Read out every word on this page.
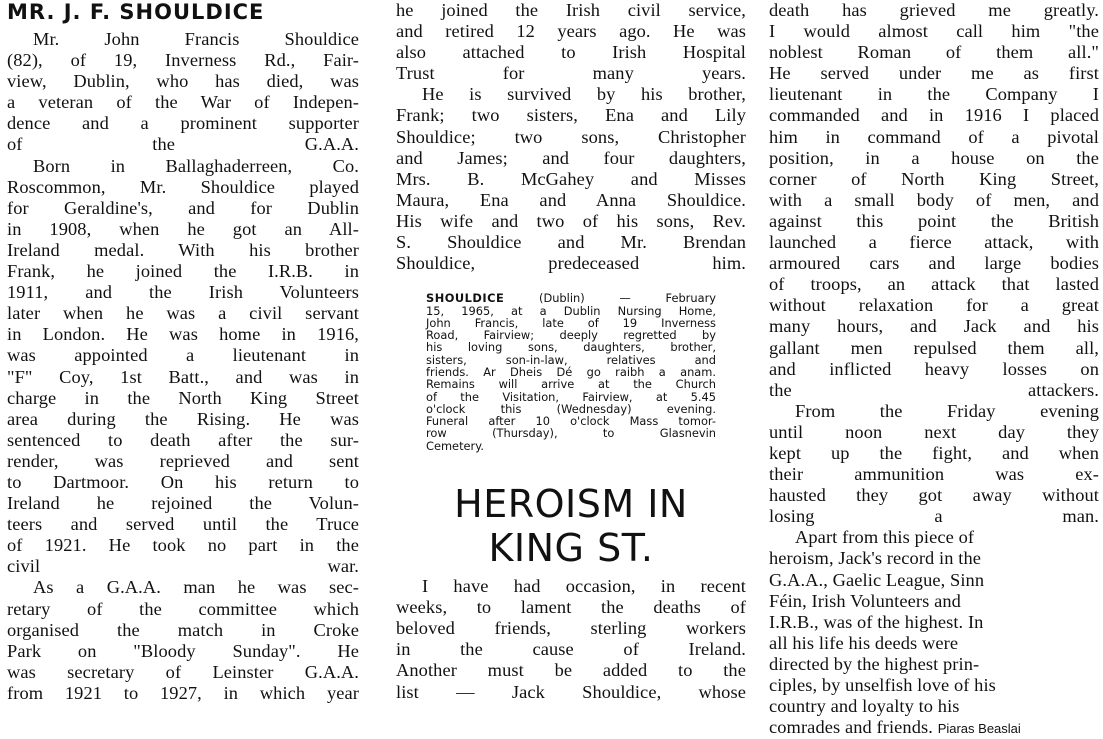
MR. J. F. SHOULDICE

Mr. John Francis Shouldice
(82), of 19, Inverness Rd., Fair-
view, Dublin, who has died, was
a veteran of the War of Indepen-
dence and a prominent supporter
of the G.A.A.

Born in Ballaghaderreen, Co.
Roscommon, Mr. Shouldice played
for Geraldine's, and for Dublin
in 1908, when he got an All-
Ireland medal. With his brother
Frank, he joined the I.R.B. in
1911, and the Irish Volunteers
later when he was a civil servant
in London. He was home in 1916,
was appointed a lieutenant in
"F" Coy, 1st Batt., and was in
charge in the North King Street
area during the Rising. He was
sentenced to death after the sur-
render, was reprieved and sent
to Dartmoor. On his return to
Ireland he rejoined the Volun-
teers and served until the Truce
of 1921. He took no part in the
civil war.

As a G.A.A. man he was sec-
retary of the committee which
organised the match in Croke
Park on "Bloody Sunday". He
was secretary of Leinster G.A.A.
from 1921 to 1927, in which year

he joined the Irish civil service,
and retired 12 years ago. He was
also attached to Irish Hospital
Trust for many years.

He is survived by his brother,
Frank; two sisters, Ena and Lily
Shouldice; two sons, Christopher
and James; and four daughters,
Mrs. B. McGahey and Misses
Maura, Ena and Anna Shouldice.
His wife and two of his sons, Rev.
S. Shouldice and Mr. Brendan
Shouldice, predeceased him.

SHOULDICE	(Dublin) — February
15, 1965, at a Dublin Nursing Home,
John Francis, late of 19 Inverness
Road, Fairview; deeply regretted by
his loving sons, daughters, brother,
sisters, son-in-law, relatives and
friends. Ar Dheis Dé go raibh a anam.
Remains will arrive at the Church
of the Visitation, Fairview, at 5.45
o'clock this (Wednesday) evening.
Funeral after 10 o'clock Mass tomor-
row (Thursday), to Glasnevin
Cemetery.
HEROISM IN
KING ST.

I have had occasion, in recent
weeks, to lament the deaths of
beloved friends, sterling workers
in the cause of Ireland.
Another must be added to the
list — Jack Shouldice, whose

death has grieved me greatly.
I would almost call him "the
noblest Roman of them all."
He served under me as first
lieutenant in the Company I
commanded and in 1916 I placed
him in command of a pivotal
position, in a house on the
corner of North King Street,
with a small body of men, and
against this point the British
launched a fierce attack, with
armoured cars and large bodies
of troops, an attack that lasted
without relaxation for a great
many hours, and Jack and his
gallant men repulsed them all,
and inflicted heavy losses on
the attackers.

From the Friday evening
until noon next day they
kept up the fight, and when
their ammunition was ex-
hausted they got away without
losing a man.

Apart from this piece of
heroism, Jack's record in the
G.A.A., Gaelic League, Sinn
Féin, Irish Volunteers and
I.R.B., was of the highest. In
all his life his deeds were
directed by the highest prin-
ciples, by unselfish love of his
country and loyalty to his
comrades and friends. Piaras Beaslai
